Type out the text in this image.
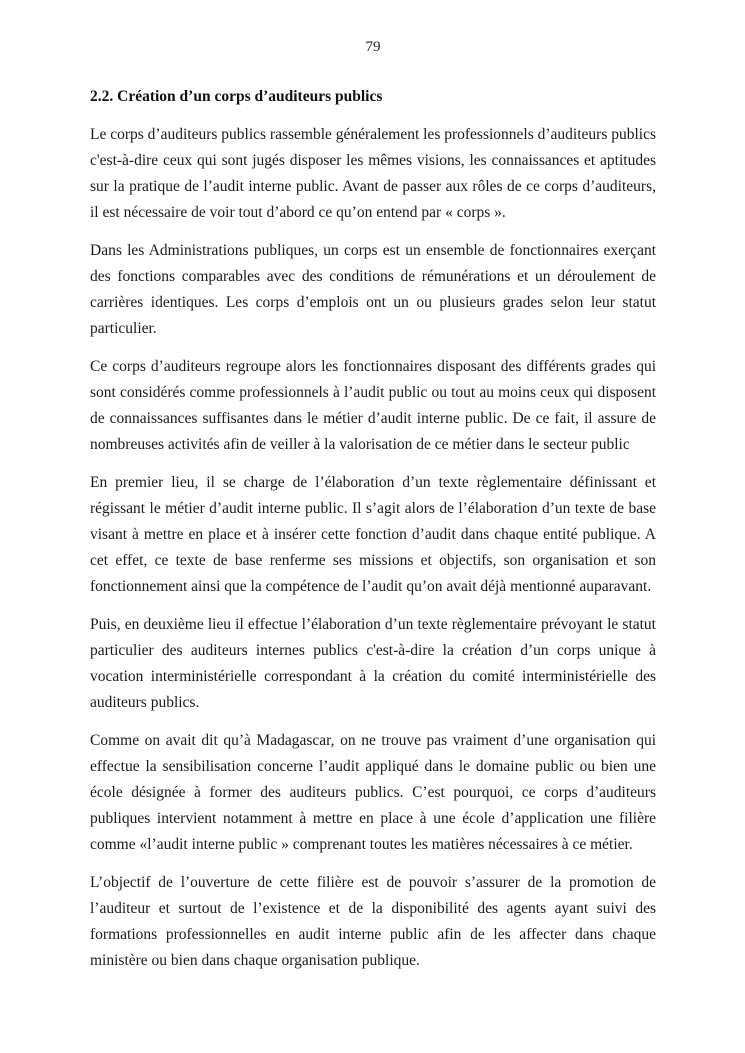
79
2.2. Création d’un corps d’auditeurs publics

Le corps d’auditeurs publics rassemble généralement les professionnels d’auditeurs publics c'est-à-dire ceux qui sont jugés disposer les mêmes visions, les connaissances et aptitudes sur la pratique de l’audit interne public. Avant de passer aux rôles de ce corps d’auditeurs, il est nécessaire de voir tout d’abord ce qu’on entend par « corps ».

Dans les Administrations publiques, un corps est un ensemble de fonctionnaires exerçant des fonctions comparables avec des conditions de rémunérations et un déroulement de carrières identiques. Les corps d’emplois ont un ou plusieurs grades selon leur statut particulier.

Ce corps d’auditeurs regroupe alors les fonctionnaires disposant des différents grades qui sont considérés comme professionnels à l’audit public ou tout au moins ceux qui disposent de connaissances suffisantes dans le métier d’audit interne public. De ce fait, il assure de nombreuses activités afin de veiller à la valorisation de ce métier dans le secteur public

En premier lieu, il se charge de l’élaboration d’un texte règlementaire définissant et régissant le métier d’audit interne public. Il s’agit alors de l’élaboration d’un texte de base visant à mettre en place et à insérer cette fonction d’audit dans chaque entité publique. A cet effet, ce texte de base renferme ses missions et objectifs, son organisation et son fonctionnement ainsi que la compétence de l’audit qu’on avait déjà mentionné auparavant.

Puis, en deuxième lieu il effectue l’élaboration d’un texte règlementaire prévoyant le statut particulier des auditeurs internes publics c'est-à-dire la création d’un corps unique à vocation interministérielle correspondant à la création du comité interministérielle des auditeurs publics.

Comme on avait dit qu’à Madagascar, on ne trouve pas vraiment d’une organisation qui effectue la sensibilisation concerne l’audit appliqué dans le domaine public ou bien une école désignée à former des auditeurs publics. C’est pourquoi, ce corps d’auditeurs publiques intervient notamment à mettre en place à une école d’application une filière comme «l’audit interne public » comprenant toutes les matières nécessaires à ce métier.

L’objectif de l’ouverture de cette filière est de pouvoir s’assurer de la promotion de l’auditeur et surtout de l’existence et de la disponibilité des agents ayant suivi des formations professionnelles en audit interne public afin de les affecter dans chaque ministère ou bien dans chaque organisation publique.
